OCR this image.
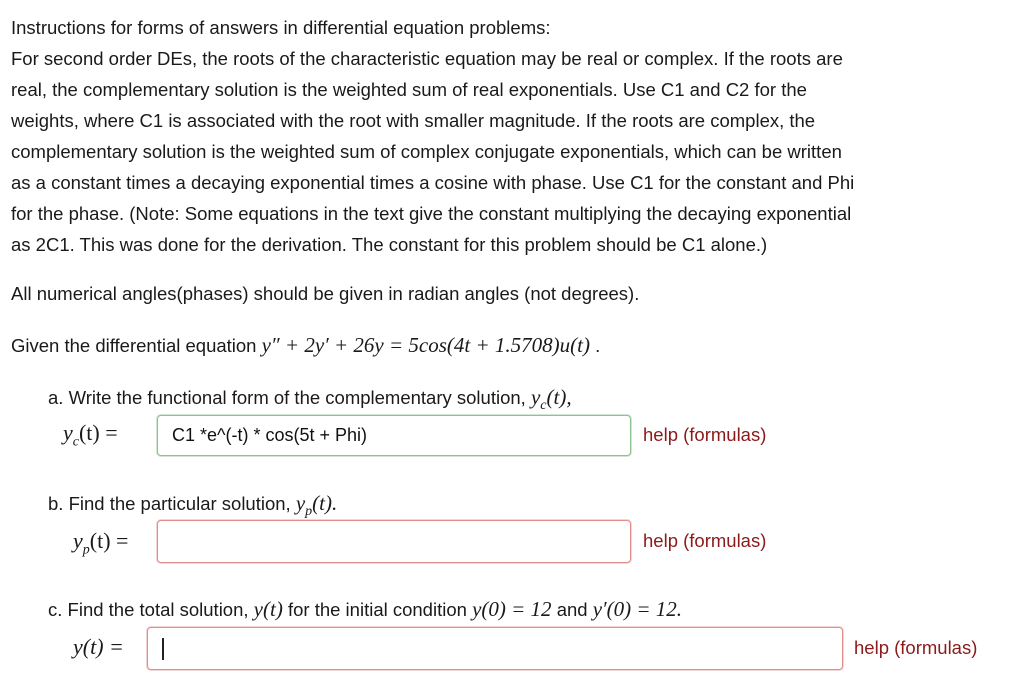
Instructions for forms of answers in differential equation problems:
For second order DEs, the roots of the characteristic equation may be real or complex. If the roots are
real, the complementary solution is the weighted sum of real exponentials. Use C1 and C2 for the
weights, where C1 is associated with the root with smaller magnitude. If the roots are complex, the
complementary solution is the weighted sum of complex conjugate exponentials, which can be written
as a constant times a decaying exponential times a cosine with phase. Use C1 for the constant and Phi
for the phase. (Note: Some equations in the text give the constant multiplying the decaying exponential
as 2C1. This was done for the derivation. The constant for this problem should be C1 alone.)
All numerical angles(phases) should be given in radian angles (not degrees).
Given the differential equation y″ + 2y′ + 26y = 5cos(4t + 1.5708)u(t) .
a. Write the functional form of the complementary solution, $y_c(t)$,
$y_c(t)$ =	C1 *e^(-t) * cos(5t + Phi)	help (formulas)
b. Find the particular solution, $y_p(t)$.
$y_p(t)$ =	help (formulas)
c. Find the total solution, y(t) for the initial condition y(0) = 12 and y′(0) = 12.
y(t) =	help (formulas)
